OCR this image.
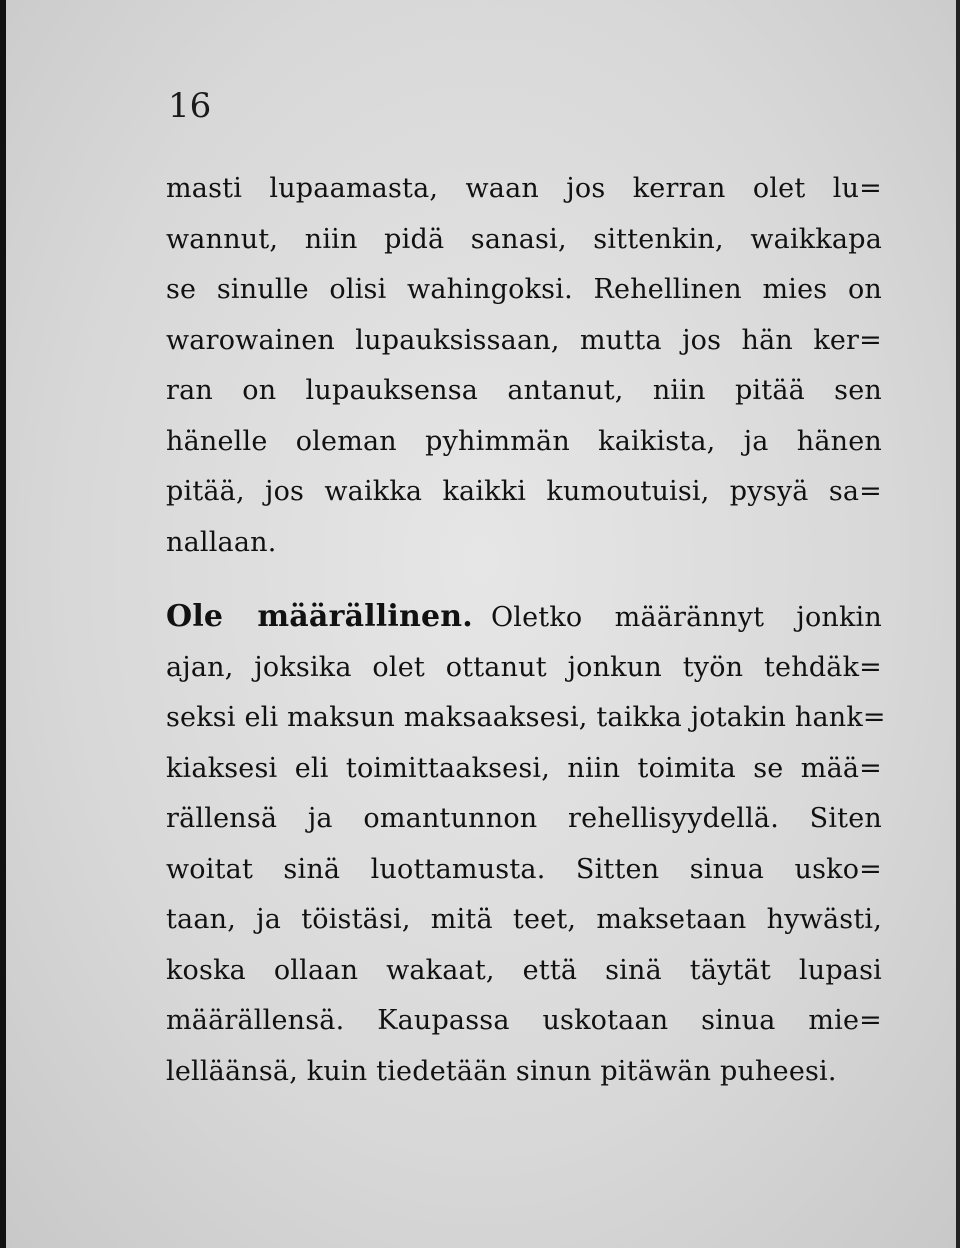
16
masti lupaamasta, waan jos kerran olet lu=
wannut, niin pidä sanasi, sittenkin, waikkapa
se sinulle olisi wahingoksi. Rehellinen mies on
warowainen lupauksissaan, mutta jos hän ker=
ran on lupauksensa antanut, niin pitää sen
hänelle oleman pyhimmän kaikista, ja hänen
pitää, jos waikka kaikki kumoutuisi, pysyä sa=
nallaan.
Ole määrällinen. Oletko määrännyt jonkin
ajan, joksika olet ottanut jonkun työn tehdäk=
seksi eli maksun maksaaksesi, taikka jotakin hank=
kiaksesi eli toimittaaksesi, niin toimita se mää=
rällensä ja omantunnon rehellisyydellä. Siten
woitat sinä luottamusta. Sitten sinua usko=
taan, ja töistäsi, mitä teet, maksetaan hywästi,
koska ollaan wakaat, että sinä täytät lupasi
määrällensä. Kaupassa uskotaan sinua mie=
lelläänsä, kuin tiedetään sinun pitäwän puheesi.
